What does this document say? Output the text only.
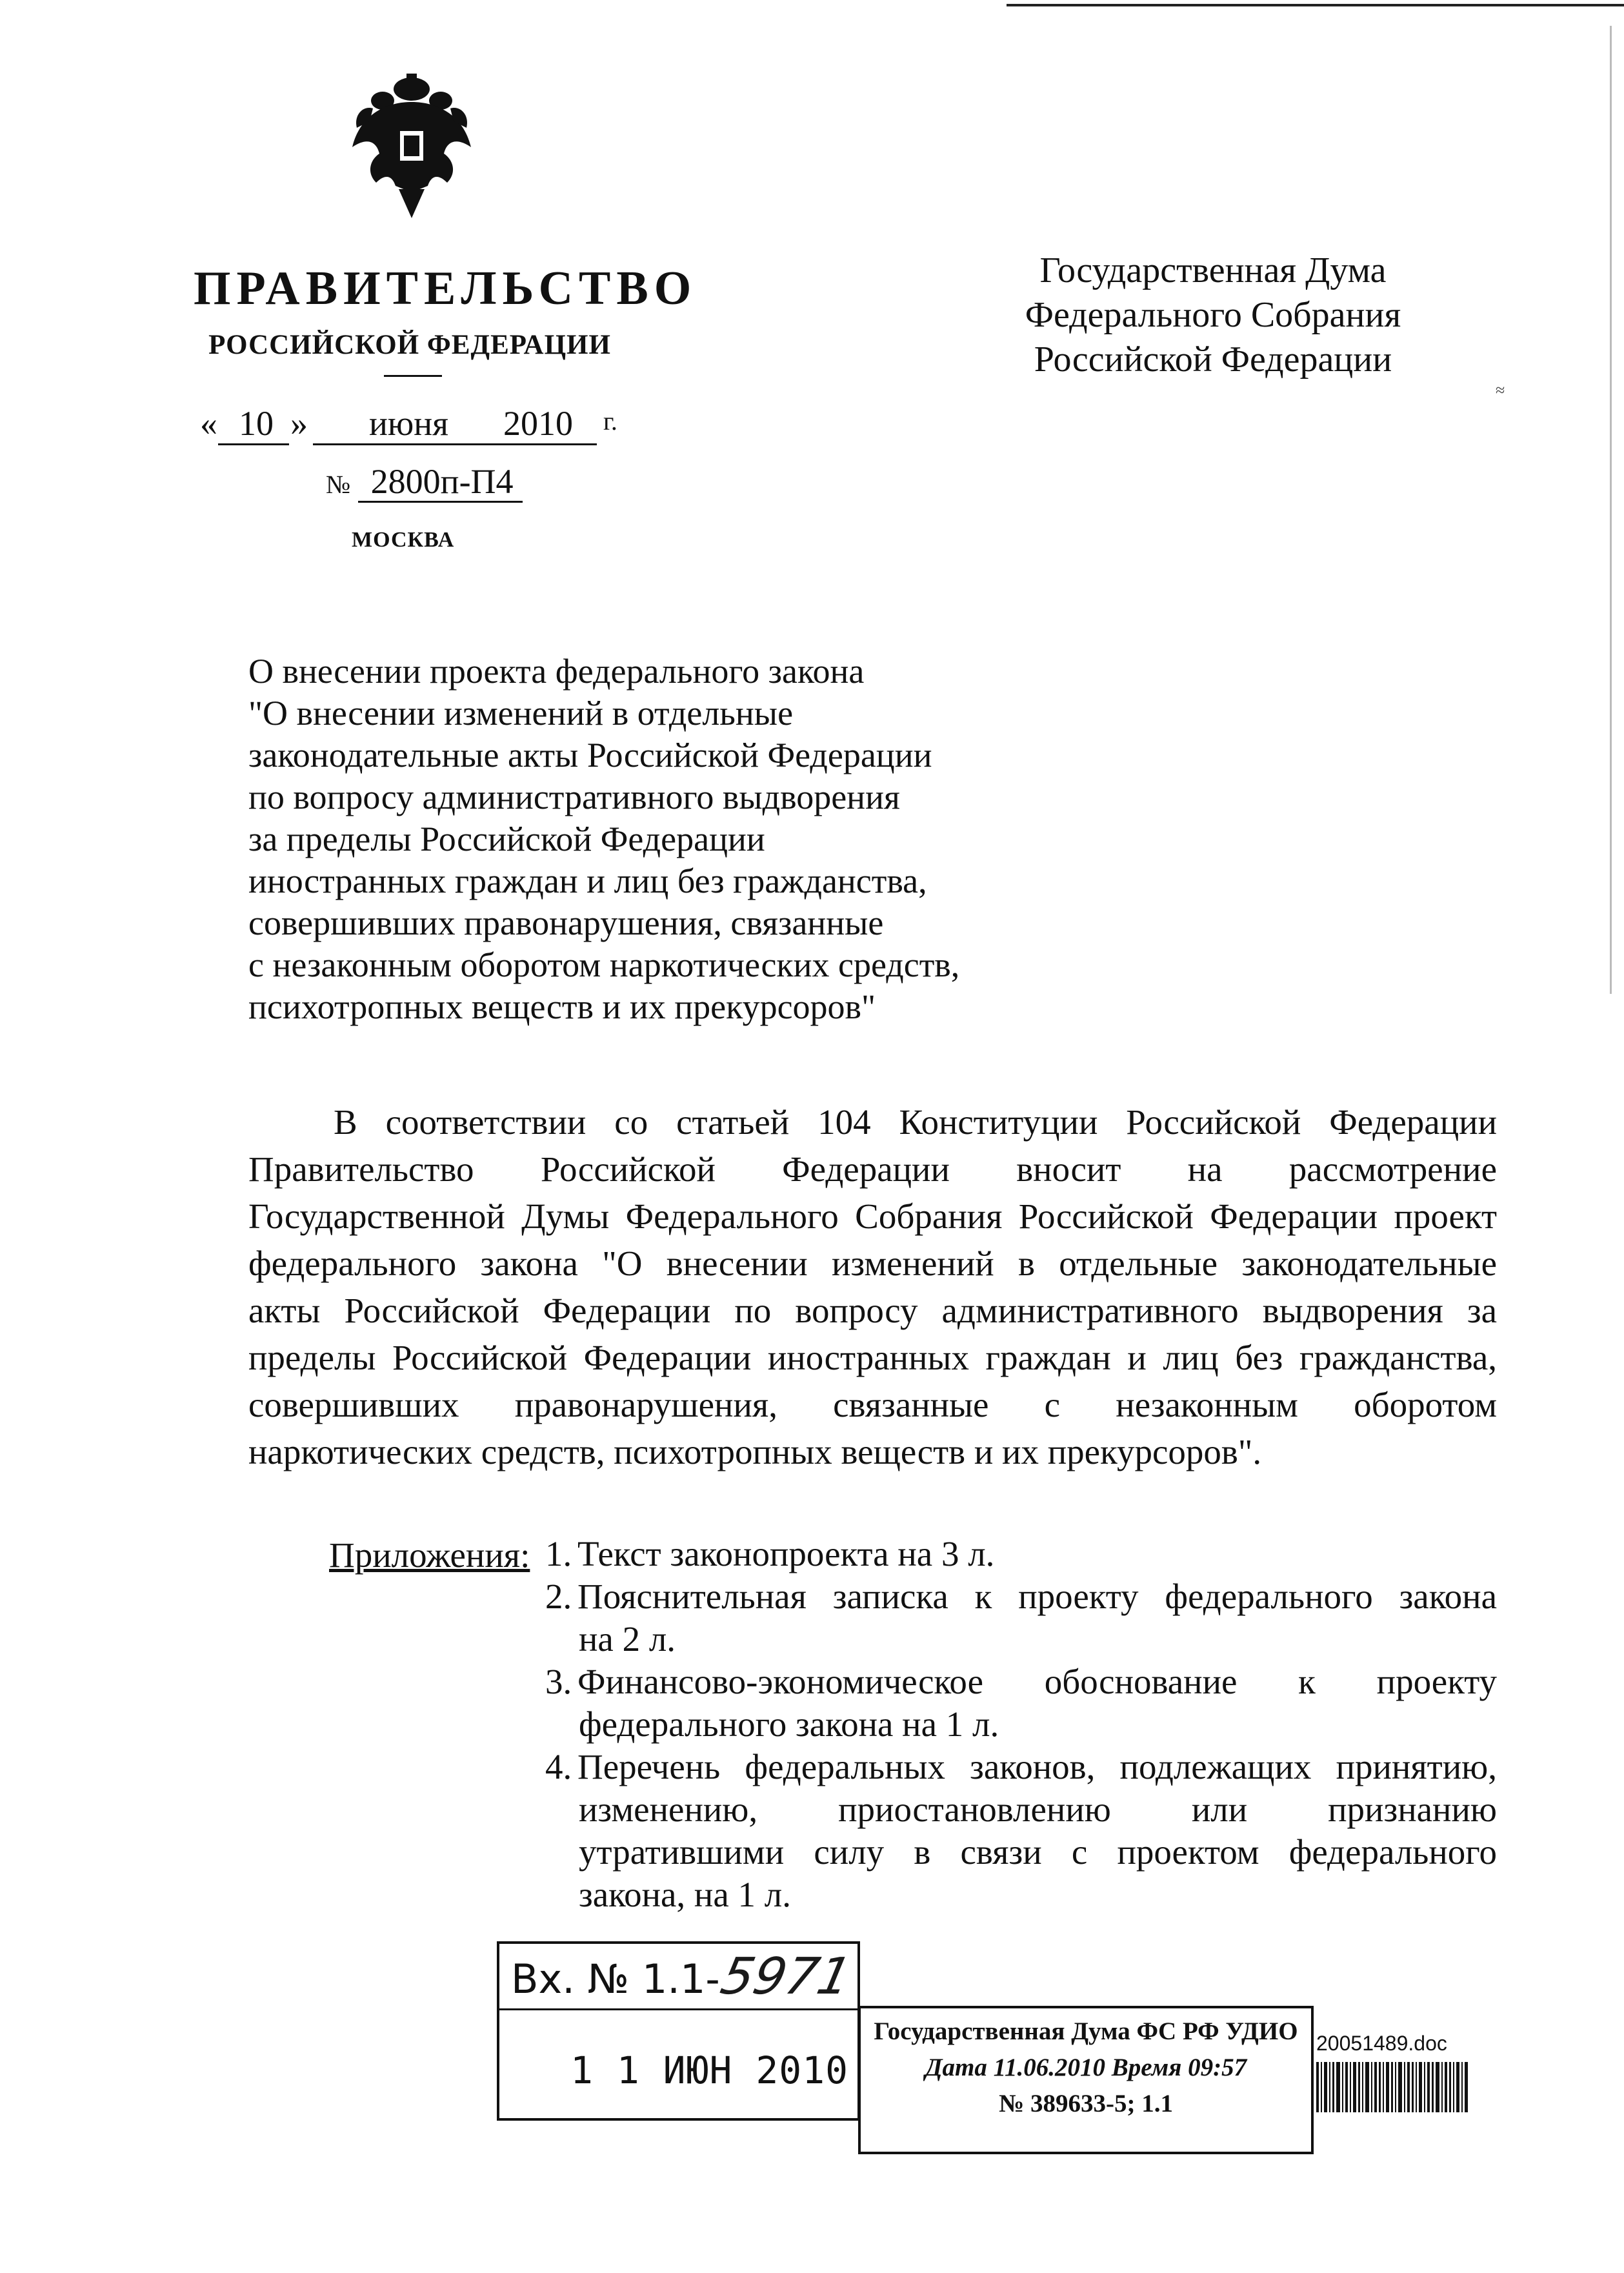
ПРАВИТЕЛЬСТВО
РОССИЙСКОЙ ФЕДЕРАЦИИ
« 10 » июня 2010 г.
№ 2800п-П4
МОСКВА
Государственная Дума
Федерального Собрания
Российской Федерации
≈
О внесении проекта федерального закона
"О внесении изменений в отдельные
законодательные акты Российской Федерации
по вопросу административного выдворения
за пределы Российской Федерации
иностранных граждан и лиц без гражданства,
совершивших правонарушения, связанные
с незаконным оборотом наркотических средств,
психотропных веществ и их прекурсоров"
В соответствии со статьей 104 Конституции Российской Федерации
Правительство Российской Федерации вносит на рассмотрение
Государственной Думы Федерального Собрания Российской Федерации проект
федерального закона "О внесении изменений в отдельные законодательные
акты Российской Федерации по вопросу административного выдворения за
пределы Российской Федерации иностранных граждан и лиц без гражданства,
совершивших правонарушения, связанные с незаконным оборотом
наркотических средств, психотропных веществ и их прекурсоров".
Приложения: 1. Текст законопроекта на 3 л.
2. Пояснительная записка к проекту федерального закона
на 2 л.
3. Финансово-экономическое обоснование к проекту
федерального закона на 1 л.
4. Перечень федеральных законов, подлежащих принятию,
изменению, приостановлению или признанию
утратившими силу в связи с проектом федерального
закона, на 1 л.
Вх. № 1.1-
5971
1 1 ИЮН 2010
Государственная Дума ФС РФ УДИО
Дата 11.06.2010 Время 09:57
№ 389633-5; 1.1
20051489.doc
